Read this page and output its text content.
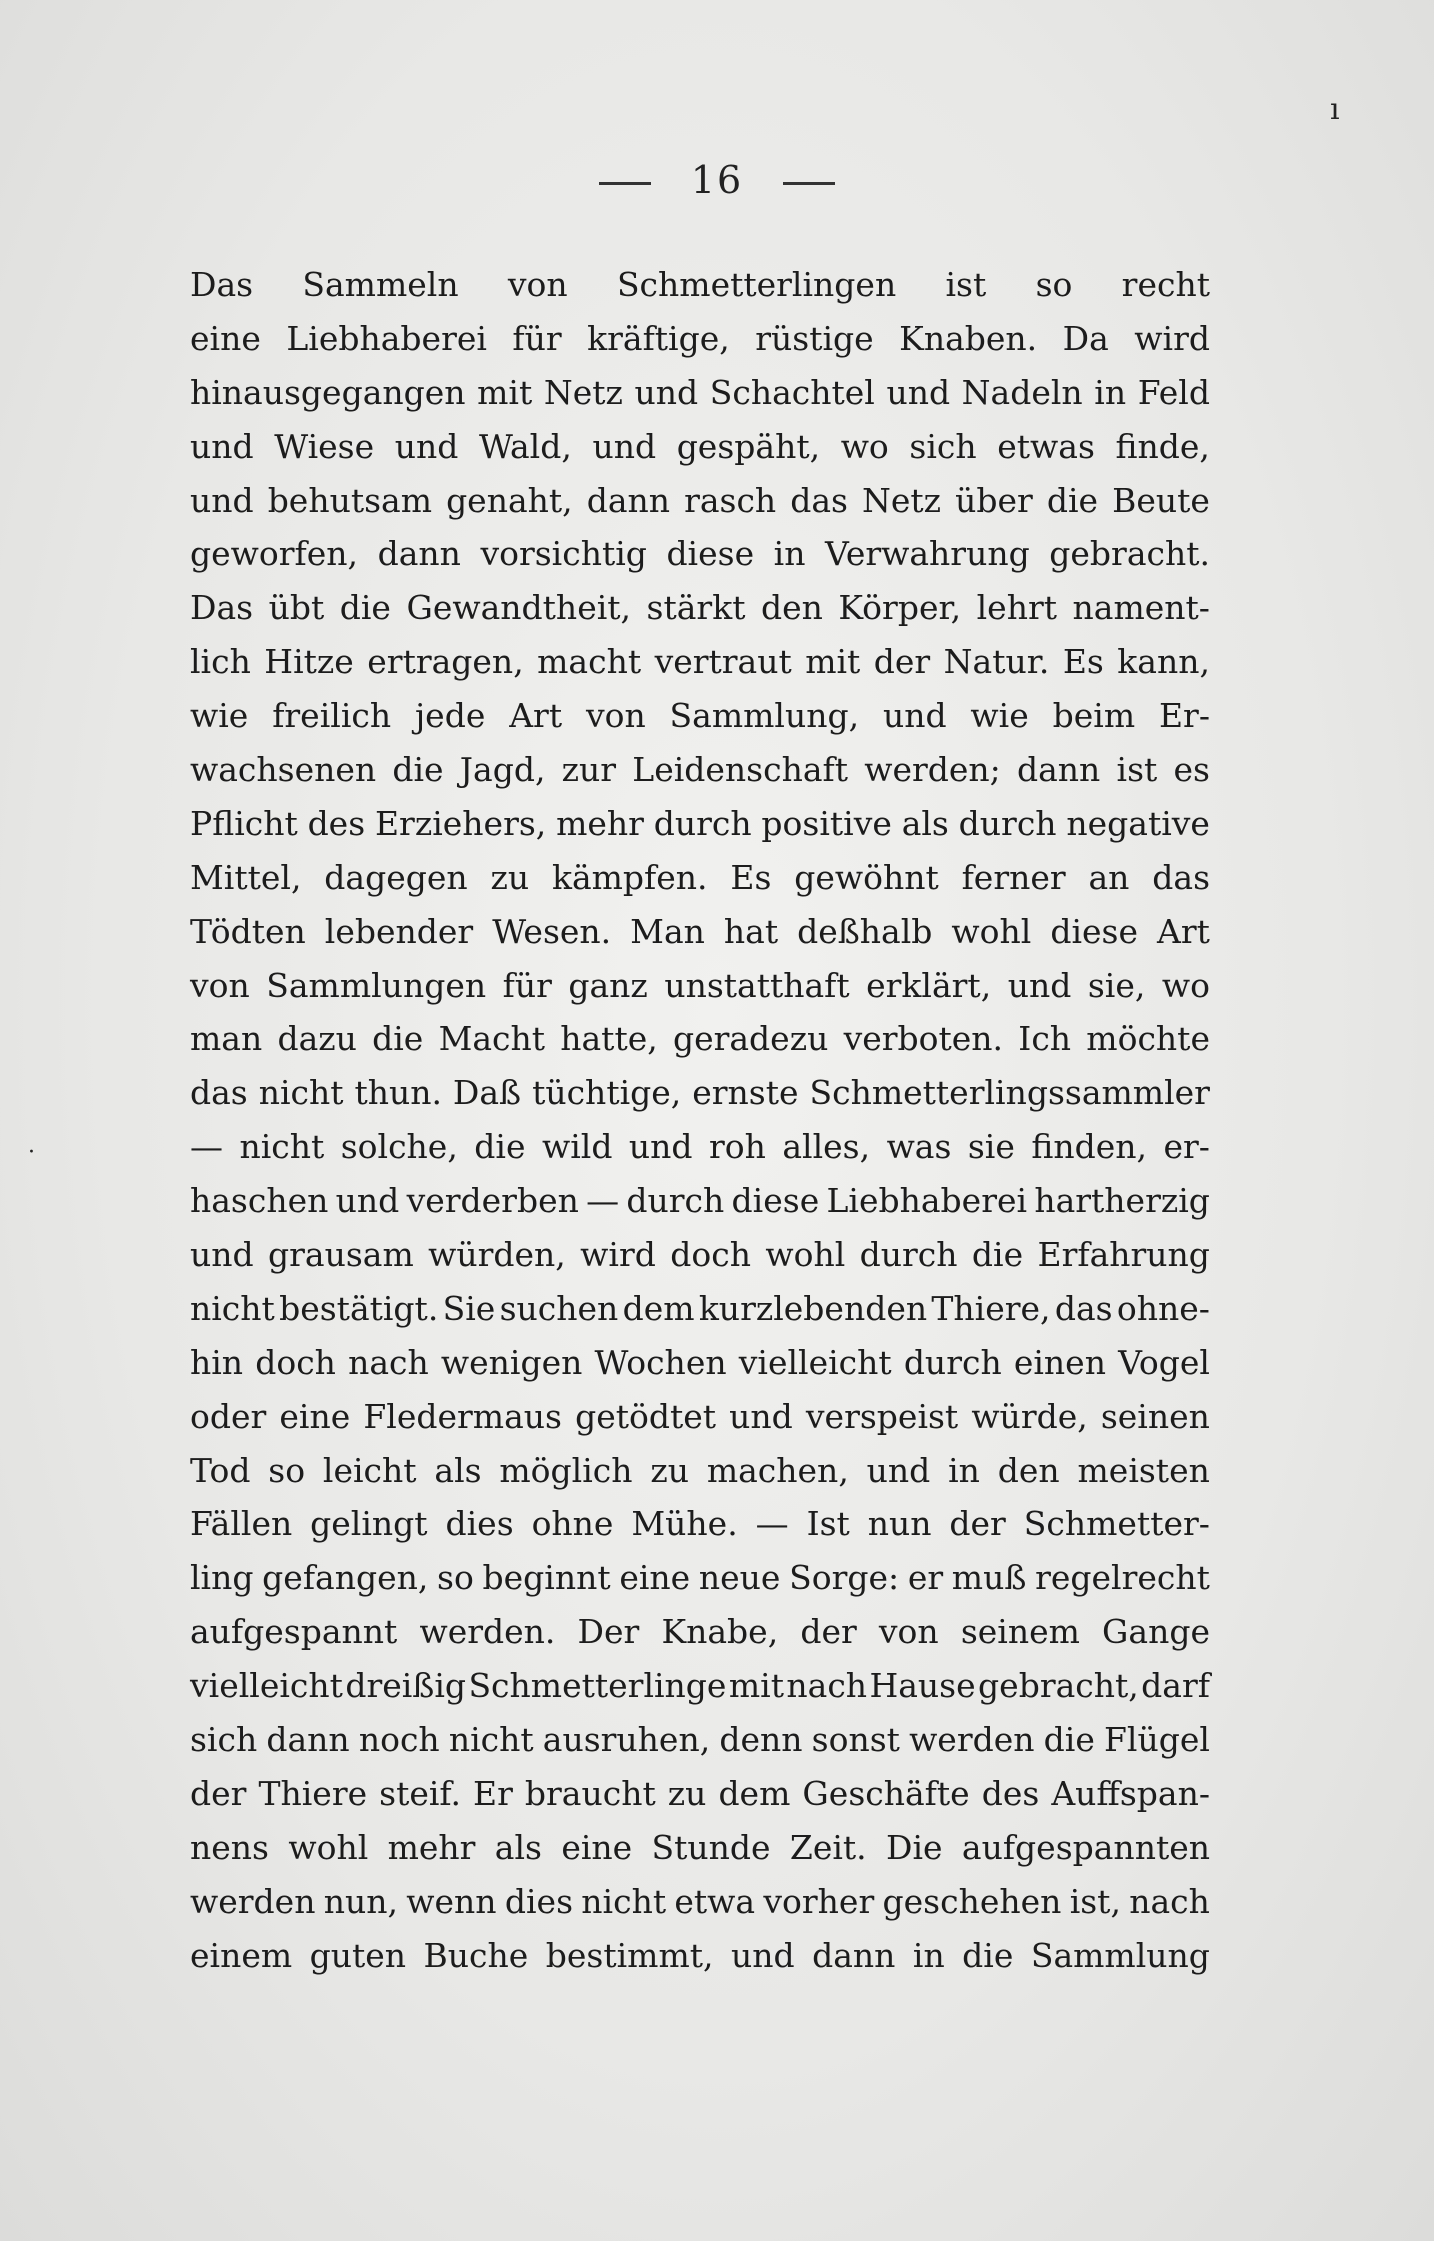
16
Das Sammeln von Schmetterlingen ist so recht
eine Liebhaberei für kräftige, rüstige Knaben. Da wird
hinausgegangen mit Netz und Schachtel und Nadeln in Feld
und Wiese und Wald, und gespäht, wo sich etwas finde,
und behutsam genaht, dann rasch das Netz über die Beute
geworfen, dann vorsichtig diese in Verwahrung gebracht.
Das übt die Gewandtheit, stärkt den Körper, lehrt nament-
lich Hitze ertragen, macht vertraut mit der Natur. Es kann,
wie freilich jede Art von Sammlung, und wie beim Er-
wachsenen die Jagd, zur Leidenschaft werden; dann ist es
Pflicht des Erziehers, mehr durch positive als durch negative
Mittel, dagegen zu kämpfen. Es gewöhnt ferner an das
Tödten lebender Wesen. Man hat deßhalb wohl diese Art
von Sammlungen für ganz unstatthaft erklärt, und sie, wo
man dazu die Macht hatte, geradezu verboten. Ich möchte
das nicht thun. Daß tüchtige, ernste Schmetterlingssammler
— nicht solche, die wild und roh alles, was sie finden, er-
haschen und verderben — durch diese Liebhaberei hartherzig
und grausam würden, wird doch wohl durch die Erfahrung
nicht bestätigt. Sie suchen dem kurzlebenden Thiere, das ohne-
hin doch nach wenigen Wochen vielleicht durch einen Vogel
oder eine Fledermaus getödtet und verspeist würde, seinen
Tod so leicht als möglich zu machen, und in den meisten
Fällen gelingt dies ohne Mühe. — Ist nun der Schmetter-
ling gefangen, so beginnt eine neue Sorge: er muß regelrecht
aufgespannt werden. Der Knabe, der von seinem Gange
vielleicht dreißig Schmetterlinge mit nach Hause gebracht, darf
sich dann noch nicht ausruhen, denn sonst werden die Flügel
der Thiere steif. Er braucht zu dem Geschäfte des Auffspan-
nens wohl mehr als eine Stunde Zeit. Die aufgespannten
werden nun, wenn dies nicht etwa vorher geschehen ist, nach
einem guten Buche bestimmt, und dann in die Sammlung
ı
·
